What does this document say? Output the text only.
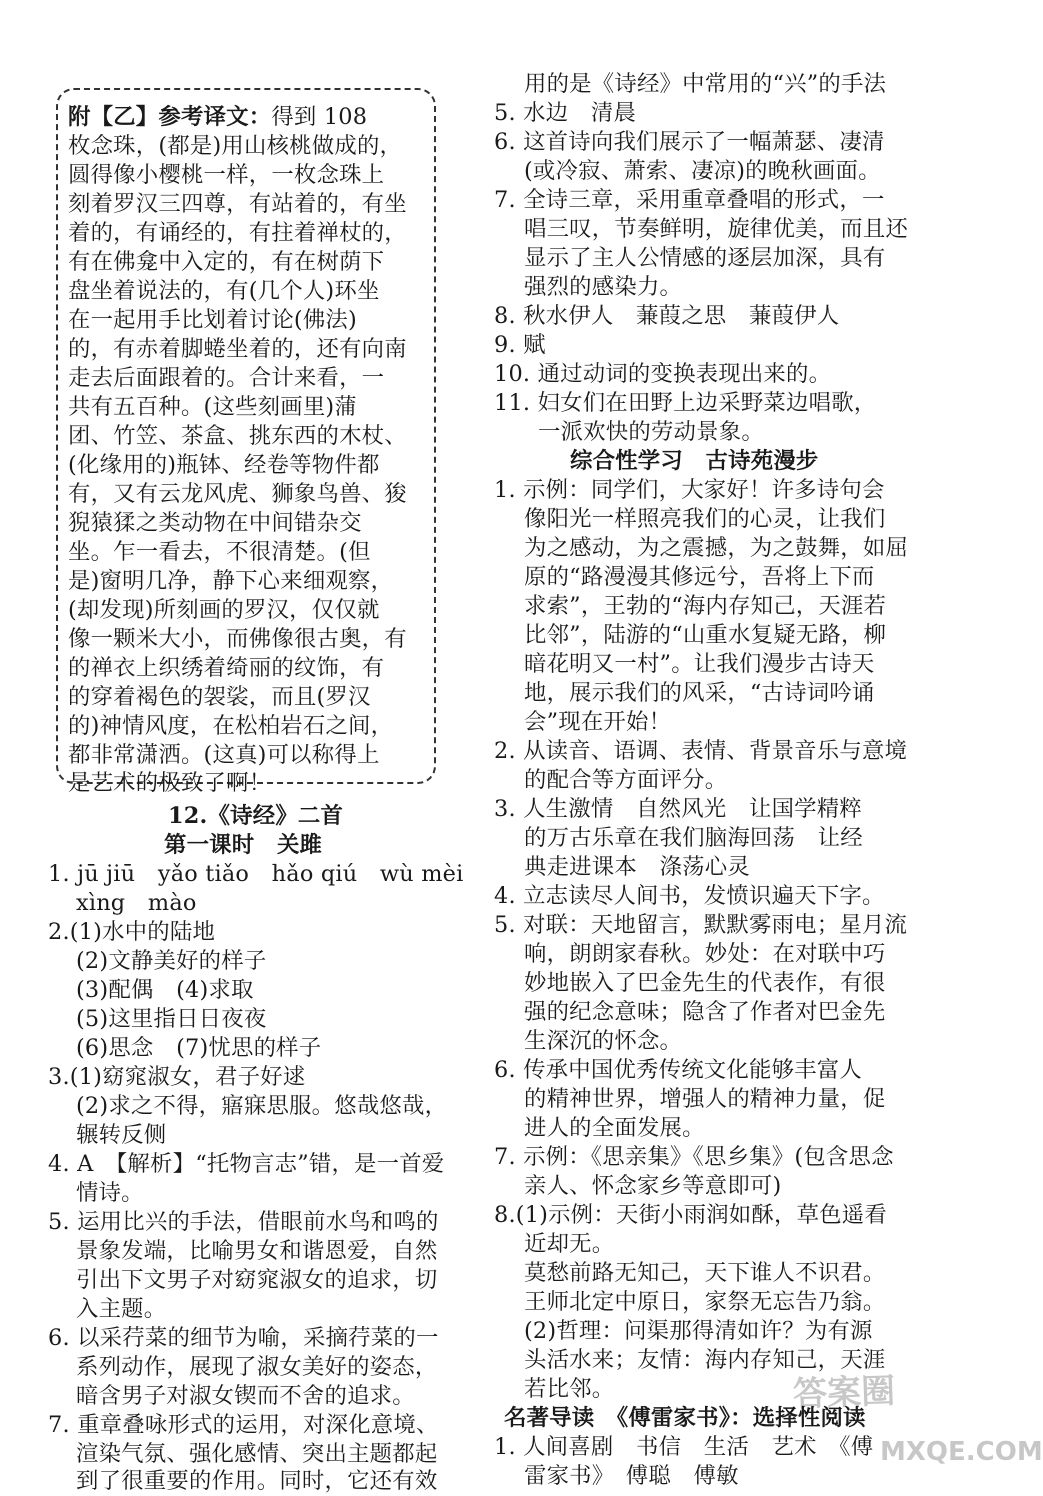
附【乙】参考译文：得到 108
枚念珠，(都是)用山核桃做成的，
圆得像小樱桃一样，一枚念珠上
刻着罗汉三四尊，有站着的，有坐
着的，有诵经的，有拄着禅杖的，
有在佛龛中入定的，有在树荫下
盘坐着说法的，有(几个人)环坐
在一起用手比划着讨论(佛法)
的，有赤着脚蜷坐着的，还有向南
走去后面跟着的。合计来看，一
共有五百种。(这些刻画里)蒲
团、竹笠、茶盒、挑东西的木杖、
(化缘用的)瓶钵、经卷等物件都
有，又有云龙风虎、狮象鸟兽、狻
猊猿猱之类动物在中间错杂交
坐。乍一看去，不很清楚。(但
是)窗明几净，静下心来细观察，
(却发现)所刻画的罗汉，仅仅就
像一颗米大小，而佛像很古奥，有
的禅衣上织绣着绮丽的纹饰，有
的穿着褐色的袈裟，而且(罗汉
的)神情风度，在松柏岩石之间，
都非常潇洒。(这真)可以称得上
是艺术的极致了啊！
12.《诗经》二首
第一课时　关雎
1. jū jiū　yǎo tiǎo　hǎo qiú　wù mèi
xìng　mào
2.(1)水中的陆地
(2)文静美好的样子
(3)配偶　(4)求取
(5)这里指日日夜夜
(6)思念　(7)忧思的样子
3.(1)窈窕淑女，君子好逑
(2)求之不得，寤寐思服。悠哉悠哉，
辗转反侧
4. A　【解析】“托物言志”错，是一首爱
情诗。
5. 运用比兴的手法，借眼前水鸟和鸣的
景象发端，比喻男女和谐恩爱，自然
引出下文男子对窈窕淑女的追求，切
入主题。
6. 以采荇菜的细节为喻，采摘荇菜的一
系列动作，展现了淑女美好的姿态，
暗含男子对淑女锲而不舍的追求。
7. 重章叠咏形式的运用，对深化意境、
渲染气氛、强化感情、突出主题都起
到了很重要的作用。同时，它还有效
用的是《诗经》中常用的“兴”的手法
5. 水边　清晨
6. 这首诗向我们展示了一幅萧瑟、凄清
(或冷寂、萧索、凄凉)的晚秋画面。
7. 全诗三章，采用重章叠唱的形式，一
唱三叹，节奏鲜明，旋律优美，而且还
显示了主人公情感的逐层加深，具有
强烈的感染力。
8. 秋水伊人　蒹葭之思　蒹葭伊人
9. 赋
10. 通过动词的变换表现出来的。
11. 妇女们在田野上边采野菜边唱歌，
一派欢快的劳动景象。
综合性学习　古诗苑漫步
1. 示例：同学们，大家好！许多诗句会
像阳光一样照亮我们的心灵，让我们
为之感动，为之震撼，为之鼓舞，如屈
原的“路漫漫其修远兮，吾将上下而
求索”，王勃的“海内存知己，天涯若
比邻”，陆游的“山重水复疑无路，柳
暗花明又一村”。让我们漫步古诗天
地，展示我们的风采，“古诗词吟诵
会”现在开始！
2. 从读音、语调、表情、背景音乐与意境
的配合等方面评分。
3. 人生激情　自然风光　让国学精粹
的万古乐章在我们脑海回荡　让经
典走进课本　涤荡心灵
4. 立志读尽人间书，发愤识遍天下字。
5. 对联：天地留言，默默雾雨电；星月流
响，朗朗家春秋。妙处：在对联中巧
妙地嵌入了巴金先生的代表作，有很
强的纪念意味；隐含了作者对巴金先
生深沉的怀念。
6. 传承中国优秀传统文化能够丰富人
的精神世界，增强人的精神力量，促
进人的全面发展。
7. 示例：《思亲集》《思乡集》(包含思念
亲人、怀念家乡等意即可)
8.(1)示例：天街小雨润如酥，草色遥看
近却无。
莫愁前路无知己，天下谁人不识君。
王师北定中原日，家祭无忘告乃翁。
(2)哲理：问渠那得清如许？为有源
头活水来；友情：海内存知己，天涯
若比邻。
名著导读　《傅雷家书》：选择性阅读
1. 人间喜剧　书信　生活　艺术　《傅
雷家书》　傅聪　傅敏
答案圈
MXQE.COM
